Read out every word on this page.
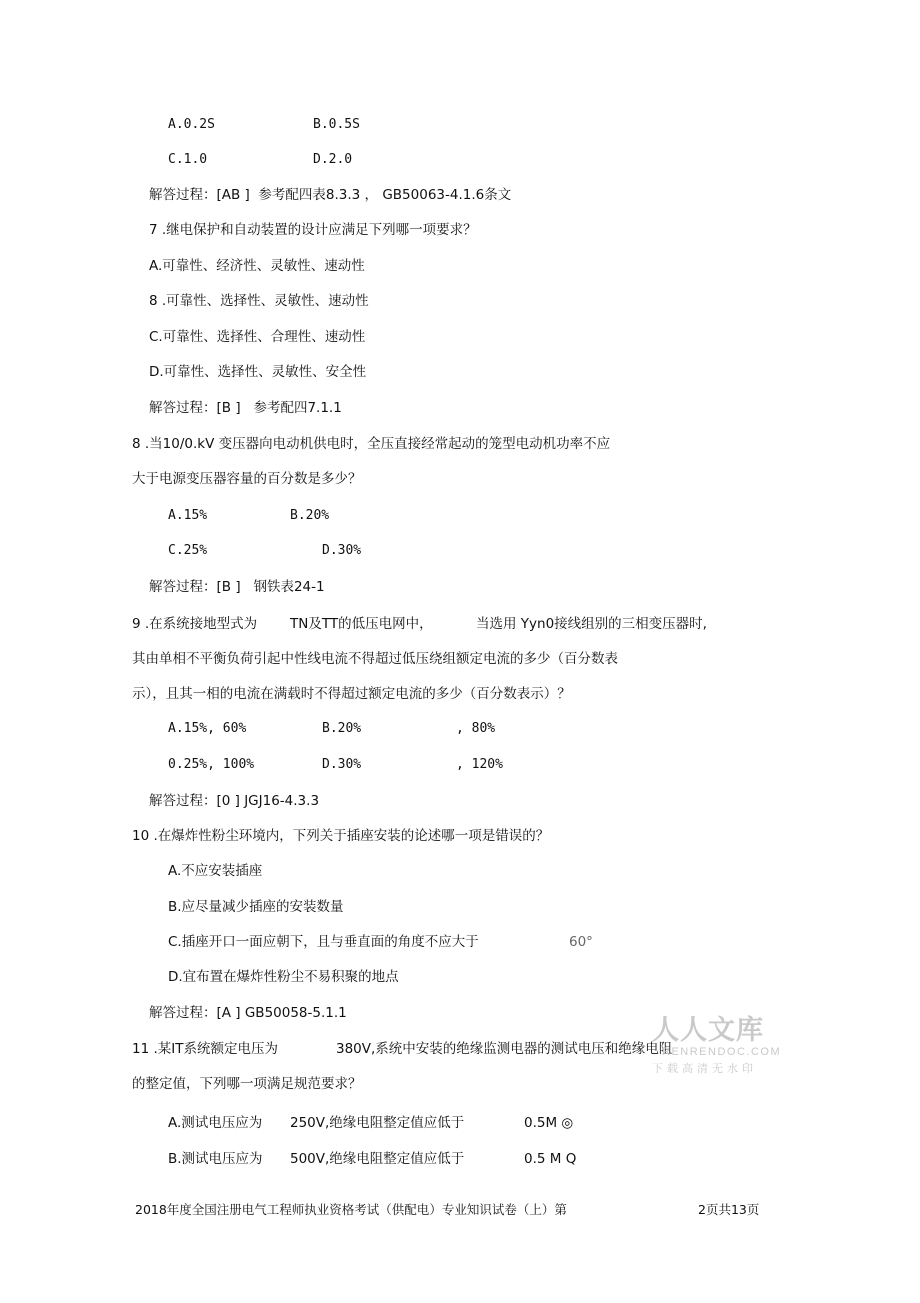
A.0.2S	B.0.5S
C.1.0	D.2.0
解答过程：[AB ]  参考配四表8.3.3 ， GB50063-4.1.6条文
7 .继电保护和自动装置的设计应满足下列哪一项要求？
A.可靠性、经济性、灵敏性、速动性
8 .可靠性、选择性、灵敏性、速动性
C.可靠性、选择性、合理性、速动性
D.可靠性、选择性、灵敏性、安全性
解答过程：[B ]   参考配四7.1.1
8 .当10/0.kV 变压器向电动机供电时，全压直接经常起动的笼型电动机功率不应
大于电源变压器容量的百分数是多少？
A.15%	B.20%
C.25%	D.30%
解答过程：[B ]   钢铁表24-1
9 .在系统接地型式为 TN及TT的低压电网中，	当选用 Yyn0接线组别的三相变压器时,
其由单相不平衡负荷引起中性线电流不得超过低压绕组额定电流的多少（百分数表
示），且其一相的电流在满载时不得超过额定电流的多少（百分数表示）？
A.15%, 60%	B.20%	, 80%
0.25%, 100%	D.30%	, 120%
解答过程：[0 ] JGJ16-4.3.3
10 .在爆炸性粉尘环境内，下列关于插座安装的论述哪一项是错误的？
A.不应安装插座
B.应尽量减少插座的安装数量
C.插座开口一面应朝下，且与垂直面的角度不应大于	60°
D.宜布置在爆炸性粉尘不易积聚的地点
解答过程：[A ] GB50058-5.1.1
11 .某IT系统额定电压为	380V,系统中安装的绝缘监测电器的测试电压和绝缘电阻
的整定值，下列哪一项满足规范要求？
A.测试电压应为 250V,绝缘电阻整定值应低于	0.5M ◎
B.测试电压应为 500V,绝缘电阻整定值应低于	0.5 M Q
2018年度全国注册电气工程师执业资格考试（供配电）专业知识试卷（上）第	2页共13页
人人文库
RENRENDOC.COM
下载高清无水印
